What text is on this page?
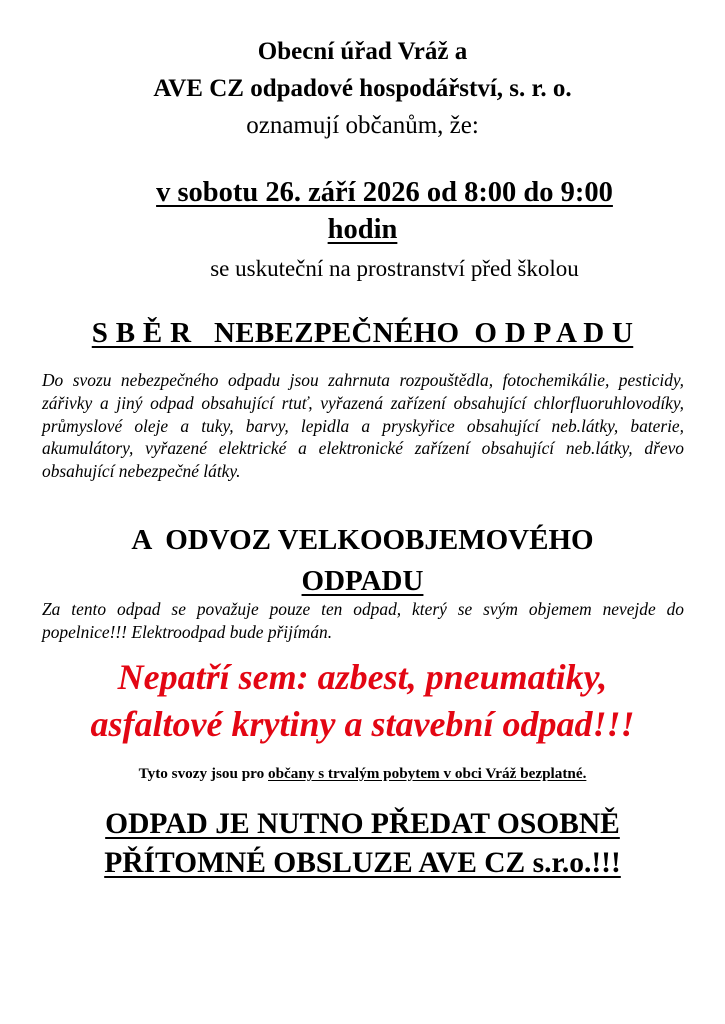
Obecní úřad Vráž a

AVE CZ odpadové hospodářství, s. r. o.

oznamují občanům, že:

v sobotu 26. září 2026 od 8:00 do 9:00

hodin

se uskuteční na prostranství před školou

S B Ě R   NEBEZPEČNÉHO  O D P A D U

Do svozu nebezpečného odpadu jsou zahrnuta rozpouštědla, fotochemikálie, pesticidy, zářivky a jiný odpad obsahující rtuť, vyřazená zařízení obsahující chlorfluoruhlovodíky, průmyslové oleje a tuky, barvy, lepidla a pryskyřice obsahující neb.látky, baterie, akumulátory, vyřazené elektrické a elektronické zařízení obsahující neb.látky, dřevo obsahující nebezpečné látky.

A  ODVOZ VELKOOBJEMOVÉHO

ODPADU

Za tento odpad se považuje pouze ten odpad, který se svým objemem nevejde do popelnice!!! Elektroodpad bude přijímán.

Nepatří sem: azbest, pneumatiky,

asfaltové krytiny a stavební odpad!!!

Tyto svozy jsou pro občany s trvalým pobytem v obci Vráž bezplatné.

ODPAD JE NUTNO PŘEDAT OSOBNĚ

PŘÍTOMNÉ OBSLUZE AVE CZ s.r.o.!!!
